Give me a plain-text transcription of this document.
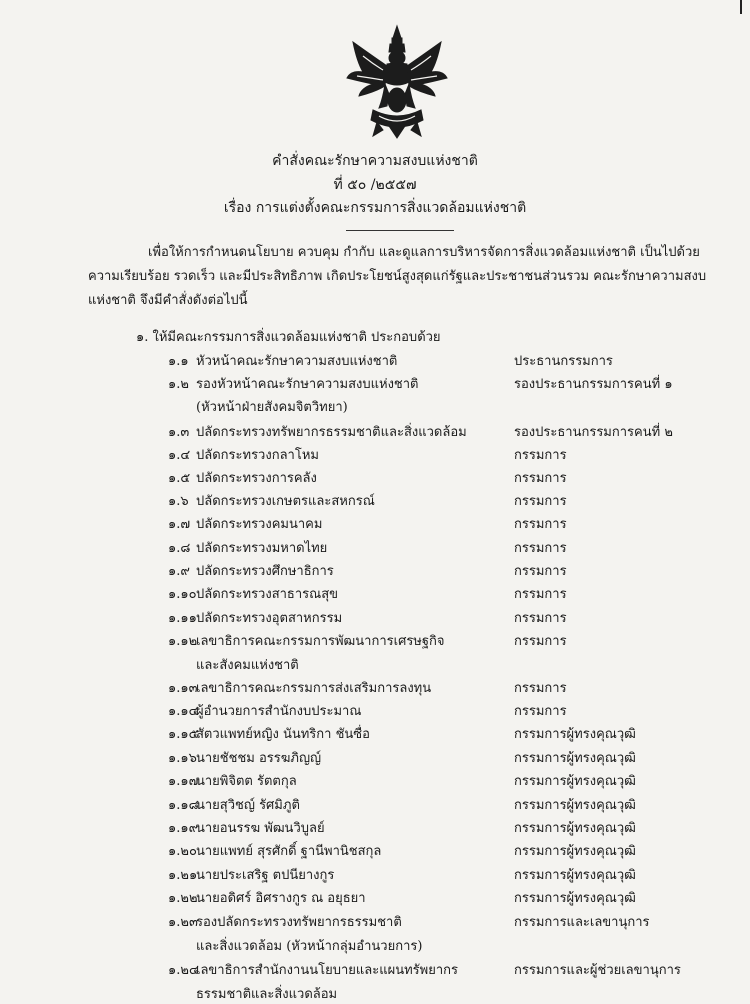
คำสั่งคณะรักษาความสงบแห่งชาติ
ที่ ๕๐ /๒๕๕๗
เรื่อง การแต่งตั้งคณะกรรมการสิ่งแวดล้อมแห่งชาติ
เพื่อให้การกำหนดนโยบาย ควบคุม กำกับ และดูแลการบริหารจัดการสิ่งแวดล้อมแห่งชาติ เป็นไปด้วย
ความเรียบร้อย รวดเร็ว และมีประสิทธิภาพ เกิดประโยชน์สูงสุดแก่รัฐและประชาชนส่วนรวม คณะรักษาความสงบ
แห่งชาติ จึงมีคำสั่งดังต่อไปนี้
๑. ให้มีคณะกรรมการสิ่งแวดล้อมแห่งชาติ ประกอบด้วย
๑.๑ หัวหน้าคณะรักษาความสงบแห่งชาติ	ประธานกรรมการ
๑.๒ รองหัวหน้าคณะรักษาความสงบแห่งชาติ	รองประธานกรรมการคนที่ ๑
(หัวหน้าฝ่ายสังคมจิตวิทยา)
๑.๓ ปลัดกระทรวงทรัพยากรธรรมชาติและสิ่งแวดล้อม	รองประธานกรรมการคนที่ ๒
๑.๔ ปลัดกระทรวงกลาโหม	กรรมการ
๑.๕ ปลัดกระทรวงการคลัง	กรรมการ
๑.๖ ปลัดกระทรวงเกษตรและสหกรณ์	กรรมการ
๑.๗ ปลัดกระทรวงคมนาคม	กรรมการ
๑.๘ ปลัดกระทรวงมหาดไทย	กรรมการ
๑.๙ ปลัดกระทรวงศึกษาธิการ	กรรมการ
๑.๑๐ ปลัดกระทรวงสาธารณสุข	กรรมการ
๑.๑๑ ปลัดกระทรวงอุตสาหกรรม	กรรมการ
๑.๑๒
เลขาธิการคณะกรรมการพัฒนาการเศรษฐกิจ	กรรมการ
และสังคมแห่งชาติ
๑.๑๓
เลขาธิการคณะกรรมการส่งเสริมการลงทุน	กรรมการ
๑.๑๔
ผู้อำนวยการสำนักงบประมาณ	กรรมการ
๑.๑๕
สัตวแพทย์หญิง นันทริกา ชันซื่อ	กรรมการผู้ทรงคุณวุฒิ
๑.๑๖ นายชัชชม อรรฆภิญญ์	กรรมการผู้ทรงคุณวุฒิ
๑.๑๗
นายพิจิตต รัตตกุล	กรรมการผู้ทรงคุณวุฒิ
๑.๑๘
นายสุวิชญ์ รัศมิภูติ	กรรมการผู้ทรงคุณวุฒิ
๑.๑๙
นายอนรรฆ พัฒนวิบูลย์	กรรมการผู้ทรงคุณวุฒิ
๑.๒๐ นายแพทย์ สุรศักดิ์ ฐานีพานิชสกุล	กรรมการผู้ทรงคุณวุฒิ
๑.๒๑
นายประเสริฐ ตปนียางกูร	กรรมการผู้ทรงคุณวุฒิ
๑.๒๒
นายอดิศร์ อิศรางกูร ณ อยุธยา	กรรมการผู้ทรงคุณวุฒิ
๑.๒๓
รองปลัดกระทรวงทรัพยากรธรรมชาติ	กรรมการและเลขานุการ
และสิ่งแวดล้อม (หัวหน้ากลุ่มอำนวยการ)
๑.๒๔
เลขาธิการสำนักงานนโยบายและแผนทรัพยากร	กรรมการและผู้ช่วยเลขานุการ
ธรรมชาติและสิ่งแวดล้อม
